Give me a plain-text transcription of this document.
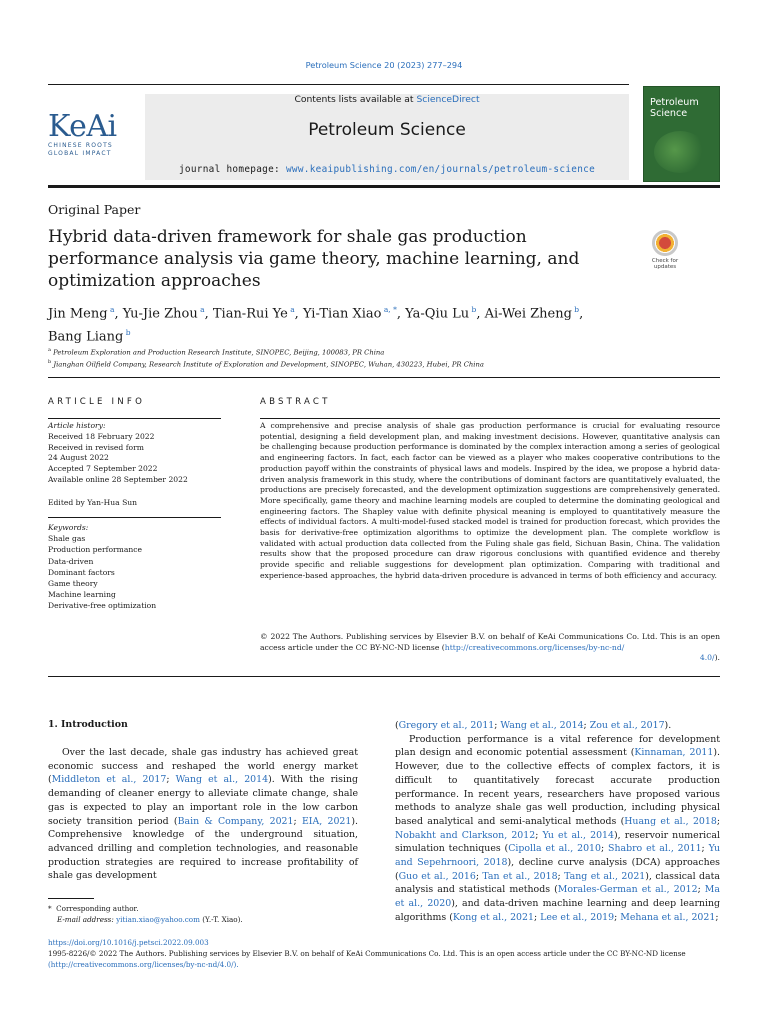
Petroleum Science 20 (2023) 277–294
KeAi
CHINESE ROOTS
GLOBAL IMPACT
Contents lists available at ScienceDirect
Petroleum Science
journal homepage: www.keaipublishing.com/en/journals/petroleum-science
Petroleum
Science
Original Paper
Hybrid data-driven framework for shale gas production performance analysis via game theory, machine learning, and optimization approaches
Check for
updates
Jin Meng $^a$, Yu-Jie Zhou $^a$, Tian-Rui Ye $^a$, Yi-Tian Xiao $^{a, *}$, Ya-Qiu Lu $^b$, Ai-Wei Zheng $^b$,
Bang Liang $^b$
$^a$ Petroleum Exploration and Production Research Institute, SINOPEC, Beijing, 100083, PR China
$^b$ Jianghan Oilfield Company, Research Institute of Exploration and Development, SINOPEC, Wuhan, 430223, Hubei, PR China
ARTICLE INFO	ABSTRACT
Article history:
Received 18 February 2022
Received in revised form
24 August 2022
Accepted 7 September 2022
Available online 28 September 2022
Edited by Yan-Hua Sun
Keywords:
Shale gas
Production performance
Data-driven
Dominant factors
Game theory
Machine learning
Derivative-free optimization
A comprehensive and precise analysis of shale gas production performance is crucial for evaluating resource potential, designing a field development plan, and making investment decisions. However, quantitative analysis can be challenging because production performance is dominated by the complex interaction among a series of geological and engineering factors. In fact, each factor can be viewed as a player who makes cooperative contributions to the production payoff within the constraints of physical laws and models. Inspired by the idea, we propose a hybrid data-driven analysis framework in this study, where the contributions of dominant factors are quantitatively evaluated, the productions are precisely forecasted, and the development optimization suggestions are comprehensively generated. More specifically, game theory and machine learning models are coupled to determine the dominating geological and engineering factors. The Shapley value with definite physical meaning is employed to quantitatively measure the effects of individual factors. A multi-model-fused stacked model is trained for production forecast, which provides the basis for derivative-free optimization algorithms to optimize the development plan. The complete workflow is validated with actual production data collected from the Fuling shale gas field, Sichuan Basin, China. The validation results show that the proposed procedure can draw rigorous conclusions with quantified evidence and thereby provide specific and reliable suggestions for development plan optimization. Comparing with traditional and experience-based approaches, the hybrid data-driven procedure is advanced in terms of both efficiency and accuracy.
© 2022 The Authors. Publishing services by Elsevier B.V. on behalf of KeAi Communications Co. Ltd. This is an open access article under the CC BY-NC-ND license (http://creativecommons.org/licenses/by-nc-nd/
4.0/).
1. Introduction
Over the last decade, shale gas industry has achieved great economic success and reshaped the world energy market (Middleton et al., 2017; Wang et al., 2014). With the rising demanding of cleaner energy to alleviate climate change, shale gas is expected to play an important role in the low carbon society transition period (Bain & Company, 2021; EIA, 2021). Comprehensive knowledge of the underground situation, advanced drilling and completion technologies, and reasonable production strategies are required to increase profitability of shale gas development
(Gregory et al., 2011; Wang et al., 2014; Zou et al., 2017).
Production performance is a vital reference for development plan design and economic potential assessment (Kinnaman, 2011). However, due to the collective effects of complex factors, it is difficult to quantitatively forecast accurate production performance. In recent years, researchers have proposed various methods to analyze shale gas well production, including physical based analytical and semi-analytical methods (Huang et al., 2018; Nobakht and Clarkson, 2012; Yu et al., 2014), reservoir numerical simulation techniques (Cipolla et al., 2010; Shabro et al., 2011; Yu and Sepehrnoori, 2018), decline curve analysis (DCA) approaches (Guo et al., 2016; Tan et al., 2018; Tang et al., 2021), classical data analysis and statistical methods (Morales-German et al., 2012; Ma et al., 2020), and data-driven machine learning and deep learning algorithms (Kong et al., 2021; Lee et al., 2019; Mehana et al., 2021;
* Corresponding author.
E-mail address: yitian.xiao@yahoo.com (Y.-T. Xiao).
https://doi.org/10.1016/j.petsci.2022.09.003
1995-8226/© 2022 The Authors. Publishing services by Elsevier B.V. on behalf of KeAi Communications Co. Ltd. This is an open access article under the CC BY-NC-ND license
(http://creativecommons.org/licenses/by-nc-nd/4.0/).
